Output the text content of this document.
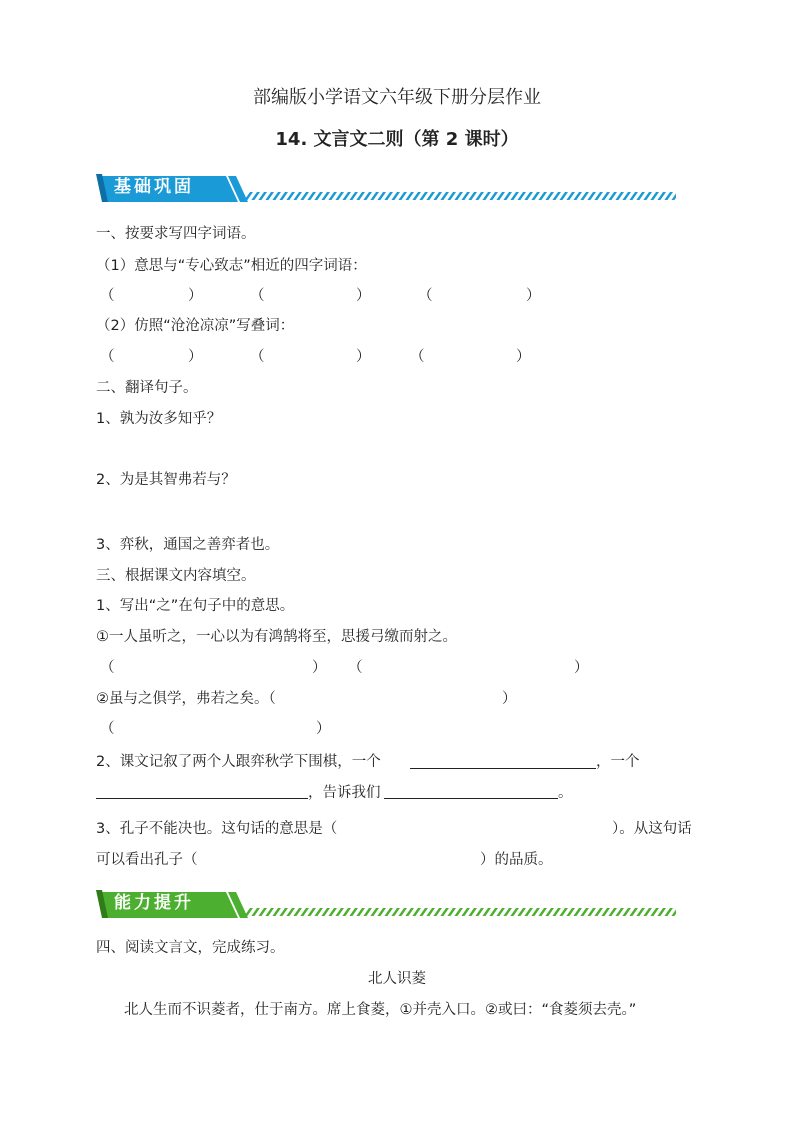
部编版小学语文六年级下册分层作业
14. 文言文二则（第 2 课时）
基础巩固
一、按要求写四字词语。
（1）意思与“专心致志”相近的四字词语：
（	）	（	）	（	）
（2）仿照“沧沧凉凉”写叠词：
（	）	（	）	（	）
二、翻译句子。
1、孰为汝多知乎？
2、为是其智弗若与？
3、弈秋，通国之善弈者也。
三、根据课文内容填空。
1、写出“之”在句子中的意思。
①一人虽听之，一心以为有鸿鹄将至，思援弓缴而射之。
（	） （	）
②虽与之俱学，弗若之矣。（	）
（	）
2、课文记叙了两个人跟弈秋学下围棋，一个	，一个
，告诉我们	。
3、孔子不能决也。这句话的意思是（	）。从这句话
可以看出孔子（	）的品质。
能力提升
四、阅读文言文，完成练习。
北人识菱
北人生而不识菱者，仕于南方。席上食菱，①并壳入口。②或曰：“食菱须去壳。”
